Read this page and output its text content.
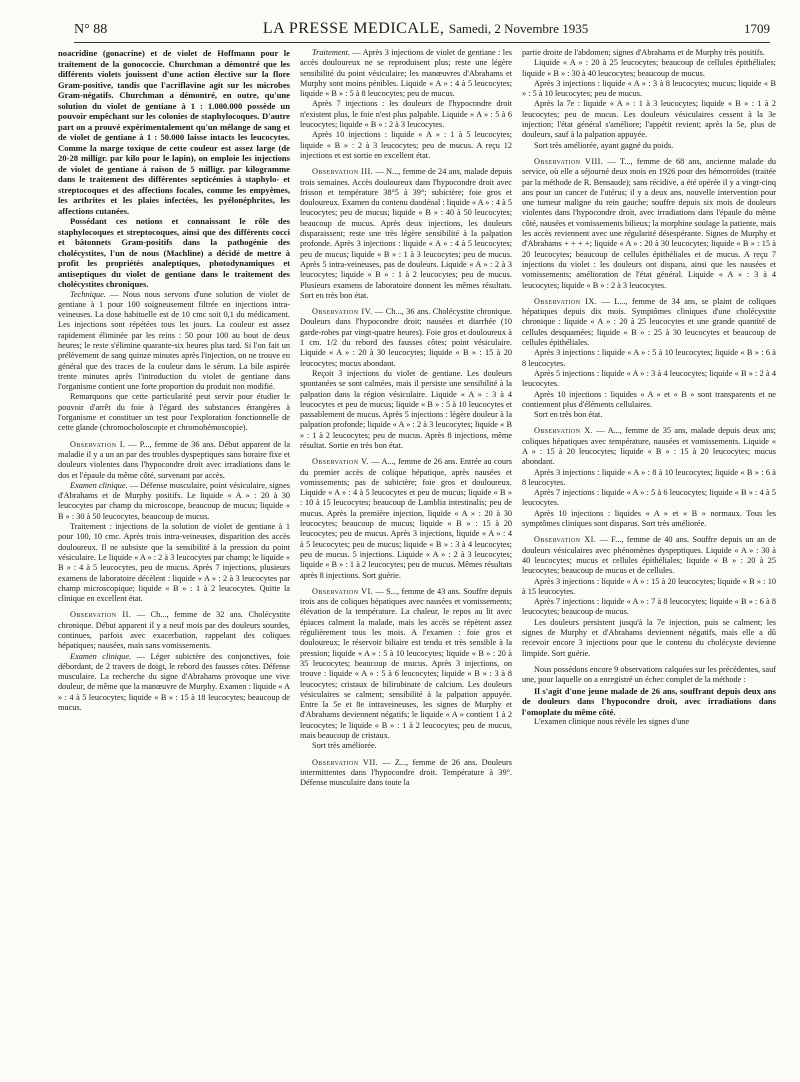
N° 88	LA PRESSE MEDICALE, Samedi, 2 Novembre 1935	1709

noacridine (gonacrine) et de violet de Hoffmann pour le traitement de la gonococcie. Churchman a démontré que les différents violets jouissent d'une action élective sur la flore Gram-positive, tandis que l'acriflavine agit sur les microbes Gram-négatifs. Churchman a démontré, en outre, qu'une solution du violet de gentiane à 1 : 1.000.000 possède un pouvoir empêchant sur les colonies de staphylocoques. D'autre part on a prouvé expérimentalement qu'un mélange de sang et de violet de gentiane à 1 : 50.000 laisse intacts les leucocytes. Comme la marge toxique de cette couleur est assez large (de 20-28 milligr. par kilo pour le lapin), on emploie les injections de violet de gentiane à raison de 5 milligr. par kilogramme dans le traitement des différentes septicémies à staphylo- et streptocoques et des affections focales, comme les empyèmes, les arthrites et les plaies infectées, les pyélonéphrites, les affections cutanées.

Possédant ces notions et connaissant le rôle des staphylocoques et streptocoques, ainsi que des différents cocci et bâtonnets Gram-positifs dans la pathogénie des cholécystites, l'un de nous (Machline) a décidé de mettre à profit les propriétés analeptiques, photodynamiques et antiseptiques du violet de gentiane dans le traitement des cholécystites chroniques.

Technique. — Nous nous servons d'une solution de violet de gentiane à 1 pour 100 soigneusement filtrée en injections intra-veineuses. La dose habituelle est de 10 cmc soit 0,1 du médicament. Les injections sont répétées tous les jours. La couleur est assez rapidement éliminée par les reins : 50 pour 100 au bout de deux heures; le reste s'élimine quarante-six heures plus tard. Si l'on fait un prélèvement de sang quinze minutes après l'injection, on ne trouve en général que des traces de la couleur dans le sérum. La bile aspirée trente minutes après l'introduction du violet de gentiane dans l'organisme contient une forte proportion du produit non modifié.

Remarquons que cette particularité peut servir pour étudier le pouvoir d'arrêt du foie à l'égard des substances étrangères à l'organisme et constituer un test pour l'exploration fonctionnelle de cette glande (chromocholoscopie et chromohémoscopie).

Observation I. — P..., femme de 36 ans. Début apparent de la maladie il y a un an par des troubles dyspeptiques sans horaire fixe et douleurs violentes dans l'hypocondre droit avec irradiations dans le dos et l'épaule du même côté, survenant par accès.

Examen clinique. — Défense musculaire, point vésiculaire, signes d'Abrahams et de Murphy positifs. Le liquide « A » : 20 à 30 leucocytes par champ du microscope, beaucoup de mucus; liquide « B » : 30 à 50 leucocytes, beaucoup de mucus.

Traitement : injections de la solution de violet de gentiane à 1 pour 100, 10 cmc. Après trois intra-veineuses, disparition des accès douloureux. Il ne subsiste que la sensibilité à la pression du point vésiculaire. Le liquide « A » : 2 à 3 leucocytes par champ; le liquide « B » : 4 à 5 leucocytes, peu de mucus. Après 7 injections, plusieurs examens de laboratoire décèlent : liquide « A » : 2 à 3 leucocytes par champ microscopique; liquide « B » : 1 à 2 leucocytes. Quitte la clinique en excellent état.

Observation II. — Ch..., femme de 32 ans. Cholécystite chronique. Début apparent il y a neuf mois par des douleurs sourdes, continues, parfois avec exacerbation, rappelant des coliques hépatiques; nausées, mais sans vomissements.

Examen clinique. — Léger subictère des conjonctives, foie débordant, de 2 travers de doigt, le rebord des fausses côtes. Défense musculaire. La recherche du signe d'Abrahams provoque une vive douleur, de même que la manœuvre de Murphy. Examen : liquide « A » : 4 à 5 leucocytes; liquide « B » : 15 à 18 leucocytes; beaucoup de mucus.

Traitement. — Après 3 injections de violet de gentiane : les accès douloureux ne se reproduisent plus; reste une légère sensibilité du point vésiculaire; les manœuvres d'Abrahams et Murphy sont moins pénibles. Liquide « A » : 4 à 5 leucocytes; liquide « B » : 5 à 8 leucocytes; peu de mucus.

Après 7 injections : les douleurs de l'hypocondre droit n'existent plus, le foie n'est plus palpable. Liquide « A » : 5 à 6 leucocytes; liquide « B » : 2 à 3 leucocytes.

Après 10 injections : liquide « A » : 1 à 5 leucocytes; liquide « B » : 2 à 3 leucocytes; peu de mucus. A reçu 12 injections et est sortie en excellent état.

Observation III. — N..., femme de 24 ans, malade depuis trois semaines. Accès douloureux dans l'hypocondre droit avec frisson et température 38°5 à 39°; subictère; foie gros et douloureux. Examen du contenu duodénal : liquide « A » : 4 à 5 leucocytes; peu de mucus; liquide « B » : 40 à 50 leucocytes; beaucoup de mucus. Après deux injections, les douleurs disparaissent; reste une très légère sensibilité à la palpation profonde. Après 3 injections : liquide « A » : 4 à 5 leucocytes; peu de mucus; liquide « B » : 1 à 3 leucocytes; peu de mucus. Après 5 intra-veineuses, pas de douleurs. Liquide « A » : 2 à 3 leucocytes; liquide « B » : 1 à 2 leucocytes; peu de mucus. Plusieurs examens de laboratoire donnent les mêmes résultats. Sort en très bon état.

Observation IV. — Ch..., 36 ans. Cholécystite chronique. Douleurs dans l'hypocondre droit; nausées et diarrhée (10 garde-robes par vingt-quatre heures). Foie gros et douloureux à 1 cm. 1/2 du rebord des fausses côtes; point vésiculaire. Liquide « A » : 20 à 30 leucocytes; liquide « B » : 15 à 20 leucocytes; mucus abondant.

Reçoit 3 injections du violet de gentiane. Les douleurs spontanées se sont calmées, mais il persiste une sensibilité à la palpation dans la région vésiculaire. Liquide « A » : 3 à 4 leucocytes et peu de mucus; liquide « B » : 5 à 10 leucocytes et passablement de mucus. Après 5 injections : légère douleur à la palpation profonde; liquide « A » : 2 à 3 leucocytes; liquide « B » : 1 à 2 leucocytes; peu de mucus. Après 8 injections, même résultat. Sortie en très bon état.

Observation V. — A..., femme de 26 ans. Entrée au cours du premier accès de colique hépatique, après nausées et vomissements; pas de subictère; foie gros et douloureux. Liquide « A » : 4 à 5 leucocytes et peu de mucus; liquide « B » : 10 à 15 leucocytes; beaucoup de Lamblia intestinalis; peu de mucus. Après la première injection, liquide « A » : 20 à 30 leucocytes; beaucoup de mucus; liquide « B » : 15 à 20 leucocytes; peu de mucus. Après 3 injections, liquide « A » : 4 à 5 leucocytes; peu de mucus; liquide « B » : 3 à 4 leucocytes; peu de mucus. 5 injections. Liquide « A » : 2 à 3 leucocytes; liquide « B » : 1 à 2 leucocytes; peu de mucus. Mêmes résultats après 8 injections. Sort guérie.

Observation VI. — S..., femme de 43 ans. Souffre depuis trois ans de coliques hépatiques avec nausées et vomissements; élévation de la température. La chaleur, le repos au lit avec épiaces calment la malade, mais les accès se répètent assez régulièrement tous les mois. A l'examen : foie gros et douloureux; le réservoir biliaire est tendu et très sensible à la pression; liquide « A » : 5 à 10 leucocytes; liquide « B » : 20 à 35 leucocytes; beaucoup de mucus. Après 3 injections, on trouve : liquide « A » : 5 à 6 leucocytes; liquide « B » : 3 à 8 leucocytes; cristaux de bilirubinate de calcium. Les douleurs vésiculaires se calment; sensibilité à la palpation appuyée. Entre la 5e et 8e intraveineuses, les signes de Murphy et d'Abrahams deviennent négatifs; le liquide « A » contient 1 à 2 leucocytes; le liquide « B » : 1 à 2 leucocytes; peu de mucus, mais beaucoup de cristaux.

Sort très améliorée.

Observation VII. — Z..., femme de 26 ans. Douleurs intermittentes dans l'hypocondre droit. Température à 39°. Défense musculaire dans toute la

partie droite de l'abdomen; signes d'Abrahams et de Murphy très positifs.

Liquide « A » : 20 à 25 leucocytes; beaucoup de cellules épithéliales; liquide « B » : 30 à 40 leucocytes; beaucoup de mucus.

Après 3 injections : liquide « A » : 3 à 8 leucocytes; mucus; liquide « B » : 5 à 10 leucocytes; peu de mucus.

Après la 7e : liquide « A » : 1 à 3 leucocytes; liquide « B » : 1 à 2 leucocytes; peu de mucus. Les douleurs vésiculaires cessent à la 3e injection; l'état général s'améliore; l'appétit revient; après la 5e, plus de douleurs, sauf à la palpation appuyée.

Sort très améliorée, ayant gagné du poids.

Observation VIII. — T..., femme de 68 ans, ancienne malade du service, où elle a séjourné deux mois en 1926 pour des hémorroïdes (traitée par la méthode de R. Bensaude); sans récidive, a été opérée il y a vingt-cinq ans pour un cancer de l'utérus; il y a deux ans, nouvelle intervention pour une tumeur maligne du rein gauche; souffre depuis six mois de douleurs violentes dans l'hypocondre droit, avec irradiations dans l'épaule du même côté, nausées et vomissements bilieux; la morphine soulage la patiente, mais les accès reviennent avec une régularité désespérante. Signes de Murphy et d'Abrahams + + + +; liquide « A » : 20 à 30 leucocytes; liquide « B » : 15 à 20 leucocytes; beaucoup de cellules épithéliales et de mucus. A reçu 7 injections du violet : les douleurs ont disparu, ainsi que les nausées et vomissements; amélioration de l'état général. Liquide « A » : 3 à 4 leucocytes; liquide « B » : 2 à 3 leucocytes.

Observation IX. — L..., femme de 34 ans, se plaint de coliques hépatiques depuis dix mois. Symptômes cliniques d'une cholécystite chronique : liquide « A » : 20 à 25 leucocytes et une grande quantité de cellules desquamées; liquide « B » : 25 à 30 leucocytes et beaucoup de cellules épithéliales.

Après 3 injections : liquide « A » : 5 à 10 leucocytes; liquide « B » : 6 à 8 leucocytes.

Après 5 injections : liquide « A » : 3 à 4 leucocytes; liquide « B » : 2 à 4 leucocytes.

Après 10 injections : liquides « A » et « B » sont transparents et ne contiennent plus d'éléments cellulaires.

Sort en très bon état.

Observation X. — A..., femme de 35 ans, malade depuis deux ans; coliques hépatiques avec température, nausées et vomissements. Liquide « A » : 15 à 20 leucocytes; liquide « B » : 15 à 20 leucocytes; mucus abondant.

Après 3 injections : liquide « A » : 8 à 10 leucocytes; liquide « B » : 6 à 8 leucocytes.

Après 7 injections : liquide « A » : 5 à 6 leucocytes; liquide « B » : 4 à 5 leucocytes.

Après 10 injections : liquides « A » et « B » normaux. Tous les symptômes cliniques sont disparus. Sort très améliorée.

Observation XI. — F..., femme de 40 ans. Souffre depuis un an de douleurs vésiculaires avec phénomènes dyspeptiques. Liquide « A » : 30 à 40 leucocytes; mucus et cellules épithéliales; liquide « B » : 20 à 25 leucocytes; beaucoup de mucus et de cellules.

Après 3 injections : liquide « A » : 15 à 20 leucocytes; liquide « B » : 10 à 15 leucocytes.

Après 7 injections : liquide « A » : 7 à 8 leucocytes; liquide « B » : 6 à 8 leucocytes; beaucoup de mucus.

Les douleurs persistent jusqu'à la 7e injection, puis se calment; les signes de Murphy et d'Abrahams deviennent négatifs, mais elle a dû recevoir encore 3 injections pour que le contenu du cholécyste devienne limpide. Sort guérie.

Nous possédons encore 9 observations calquées sur les précédentes, sauf une, pour laquelle on a enregistré un échec complet de la méthode :

Il s'agit d'une jeune malade de 26 ans, souffrant depuis deux ans de douleurs dans l'hypocondre droit, avec irradiations dans l'omoplate du même côté.

L'examen clinique nous révèle les signes d'une
